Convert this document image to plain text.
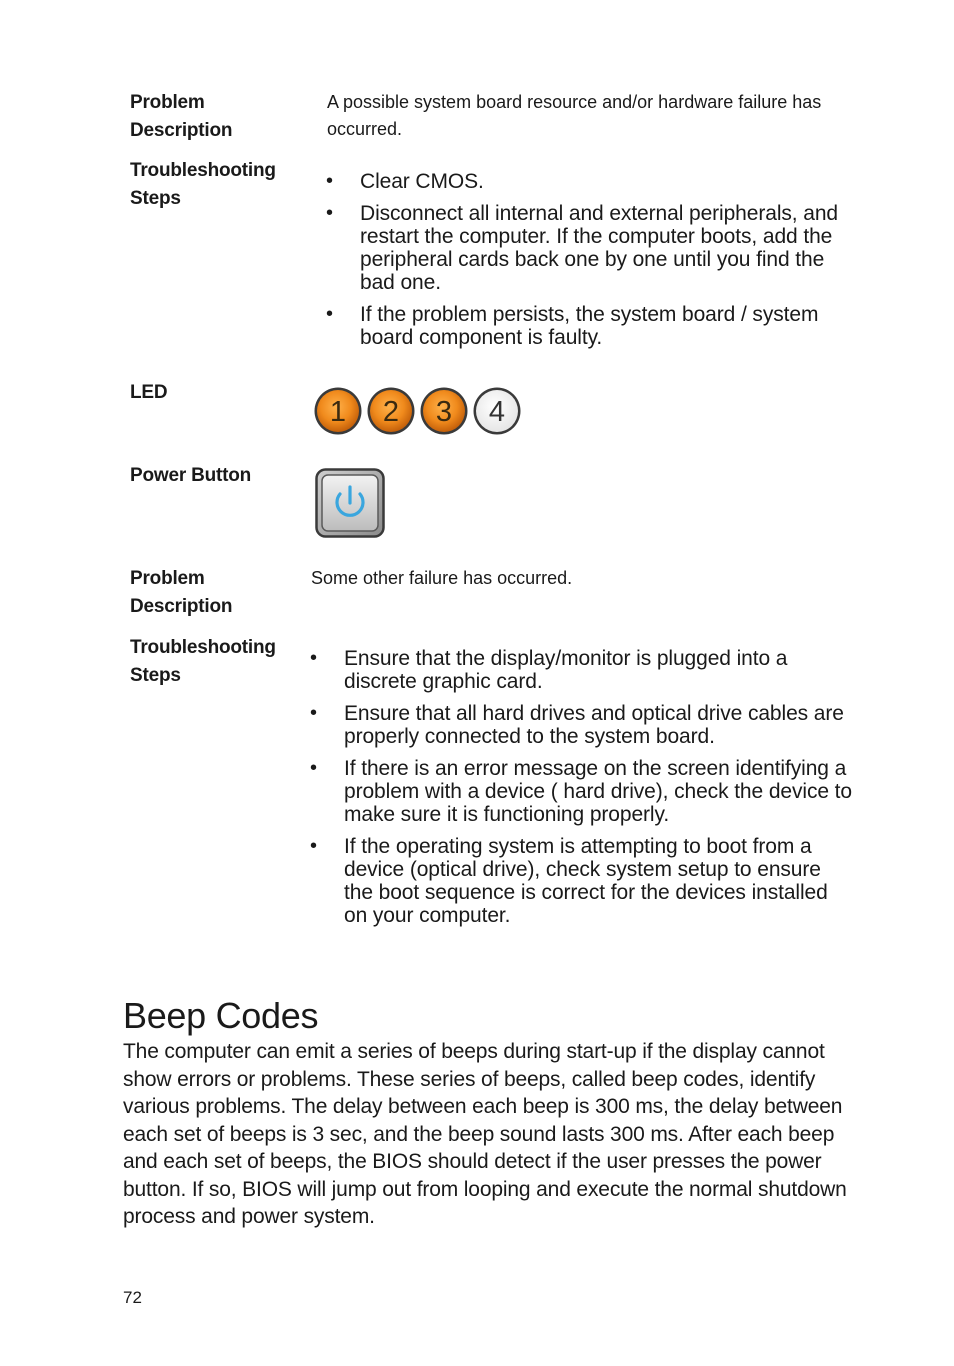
Problem Description
A possible system board resource and/or hardware failure has occurred.
Troubleshooting
Steps
• Clear CMOS.
• Disconnect all internal and external peripherals, and restart the computer. If the computer boots, add the peripheral cards back one by one until you find the bad one.
• If the problem persists, the system board / system board component is faulty.
LED
1 2 3 4
Power Button
Problem
Description
Some other failure has occurred.
Troubleshooting
Steps
• Ensure that the display/monitor is plugged into a discrete graphic card.
• Ensure that all hard drives and optical drive cables are properly connected to the system board.
• If there is an error message on the screen identifying a problem with a device ( hard drive), check the device to make sure it is functioning properly.
• If the operating system is attempting to boot from a device (optical drive), check system setup to ensure the boot sequence is correct for the devices installed on your computer.
Beep Codes

The computer can emit a series of beeps during start-up if the display cannot show errors or problems. These series of beeps, called beep codes, identify various problems. The delay between each beep is 300 ms, the delay between each set of beeps is 3 sec, and the beep sound lasts 300 ms. After each beep and each set of beeps, the BIOS should detect if the user presses the power button. If so, BIOS will jump out from looping and execute the normal shutdown process and power system.

72
